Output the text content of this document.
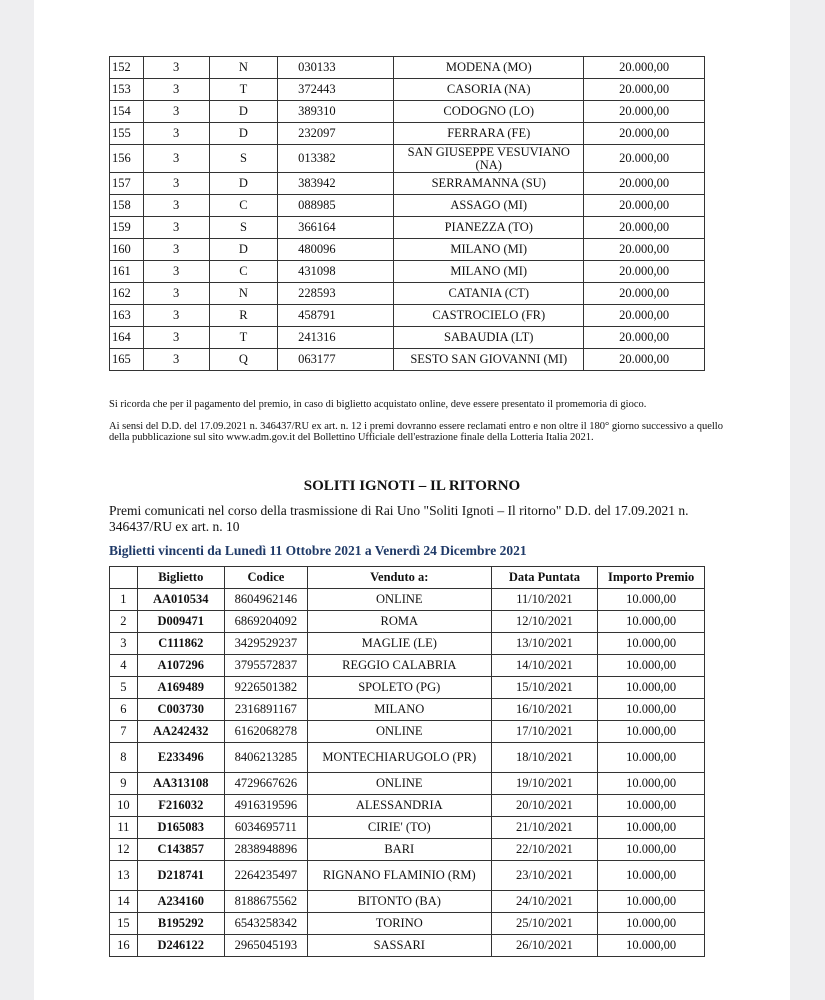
152	3	N	030133	MODENA (MO)	20.000,00
153	3	T	372443	CASORIA (NA)	20.000,00
154	3	D	389310	CODOGNO (LO)	20.000,00
155	3	D	232097	FERRARA (FE)	20.000,00
156	3	S	013382	SAN GIUSEPPE VESUVIANO (NA)	20.000,00
157	3	D	383942	SERRAMANNA (SU)	20.000,00
158	3	C	088985	ASSAGO (MI)	20.000,00
159	3	S	366164	PIANEZZA (TO)	20.000,00
160	3	D	480096	MILANO (MI)	20.000,00
161	3	C	431098	MILANO (MI)	20.000,00
162	3	N	228593	CATANIA (CT)	20.000,00
163	3	R	458791	CASTROCIELO (FR)	20.000,00
164	3	T	241316	SABAUDIA (LT)	20.000,00
165	3	Q	063177	SESTO SAN GIOVANNI (MI)	20.000,00
Si ricorda che per il pagamento del premio, in caso di biglietto acquistato online, deve essere presentato il promemoria di gioco.
Ai sensi del D.D. del 17.09.2021 n. 346437/RU ex art. n. 12 i premi dovranno essere reclamati entro e non oltre il 180° giorno successivo a quello della pubblicazione sul sito www.adm.gov.it del Bollettino Ufficiale dell'estrazione finale della Lotteria Italia 2021.
SOLITI IGNOTI – IL RITORNO
Premi comunicati nel corso della trasmissione di Rai Uno "Soliti Ignoti – Il ritorno" D.D. del 17.09.2021 n. 346437/RU ex art. n. 10
Biglietti vincenti da Lunedì 11 Ottobre 2021 a Venerdì 24 Dicembre 2021
	Biglietto	Codice	Venduto a:	Data Puntata	Importo Premio
1	AA010534	8604962146	ONLINE	11/10/2021	10.000,00
2	D009471	6869204092	ROMA	12/10/2021	10.000,00
3	C111862	3429529237	MAGLIE (LE)	13/10/2021	10.000,00
4	A107296	3795572837	REGGIO CALABRIA	14/10/2021	10.000,00
5	A169489	9226501382	SPOLETO (PG)	15/10/2021	10.000,00
6	C003730	2316891167	MILANO	16/10/2021	10.000,00
7	AA242432	6162068278	ONLINE	17/10/2021	10.000,00
8	E233496	8406213285	MONTECHIARUGOLO (PR)	18/10/2021	10.000,00
9	AA313108	4729667626	ONLINE	19/10/2021	10.000,00
10	F216032	4916319596	ALESSANDRIA	20/10/2021	10.000,00
11	D165083	6034695711	CIRIE' (TO)	21/10/2021	10.000,00
12	C143857	2838948896	BARI	22/10/2021	10.000,00
13	D218741	2264235497	RIGNANO FLAMINIO (RM)	23/10/2021	10.000,00
14	A234160	8188675562	BITONTO (BA)	24/10/2021	10.000,00
15	B195292	6543258342	TORINO	25/10/2021	10.000,00
16	D246122	2965045193	SASSARI	26/10/2021	10.000,00
